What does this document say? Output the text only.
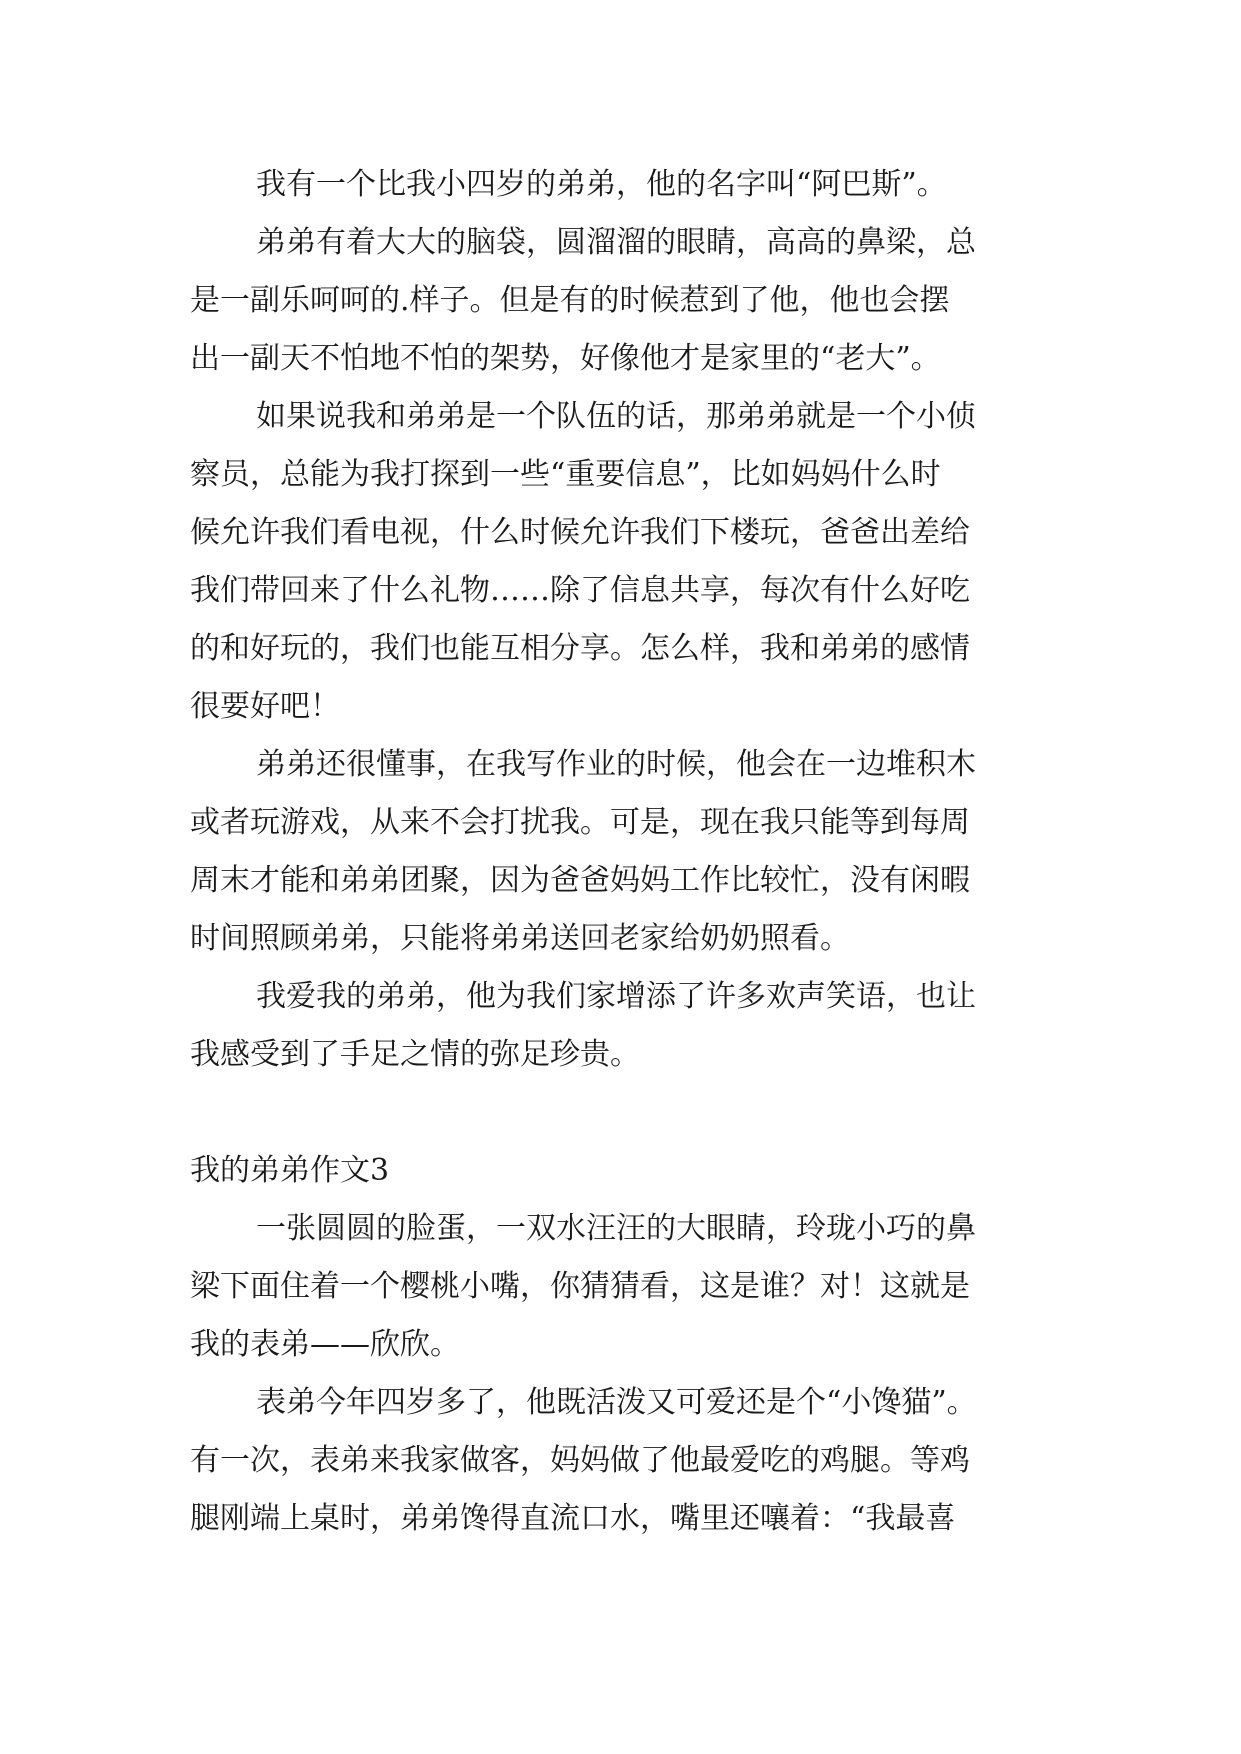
我有一个比我小四岁的弟弟，他的名字叫“阿巴斯”。
弟弟有着大大的脑袋，圆溜溜的眼睛，高高的鼻梁，总
是一副乐呵呵的.样子。但是有的时候惹到了他，他也会摆
出一副天不怕地不怕的架势，好像他才是家里的“老大”。
如果说我和弟弟是一个队伍的话，那弟弟就是一个小侦
察员，总能为我打探到一些“重要信息”，比如妈妈什么时
候允许我们看电视，什么时候允许我们下楼玩，爸爸出差给
我们带回来了什么礼物……除了信息共享，每次有什么好吃
的和好玩的，我们也能互相分享。怎么样，我和弟弟的感情
很要好吧！
弟弟还很懂事，在我写作业的时候，他会在一边堆积木
或者玩游戏，从来不会打扰我。可是，现在我只能等到每周
周末才能和弟弟团聚，因为爸爸妈妈工作比较忙，没有闲暇
时间照顾弟弟，只能将弟弟送回老家给奶奶照看。
我爱我的弟弟，他为我们家增添了许多欢声笑语，也让
我感受到了手足之情的弥足珍贵。
我的弟弟作文3
一张圆圆的脸蛋，一双水汪汪的大眼睛，玲珑小巧的鼻
梁下面住着一个樱桃小嘴，你猜猜看，这是谁？对！这就是
我的表弟——欣欣。
表弟今年四岁多了，他既活泼又可爱还是个“小馋猫”。
有一次，表弟来我家做客，妈妈做了他最爱吃的鸡腿。等鸡
腿刚端上桌时，弟弟馋得直流口水，嘴里还嚷着：“我最喜
